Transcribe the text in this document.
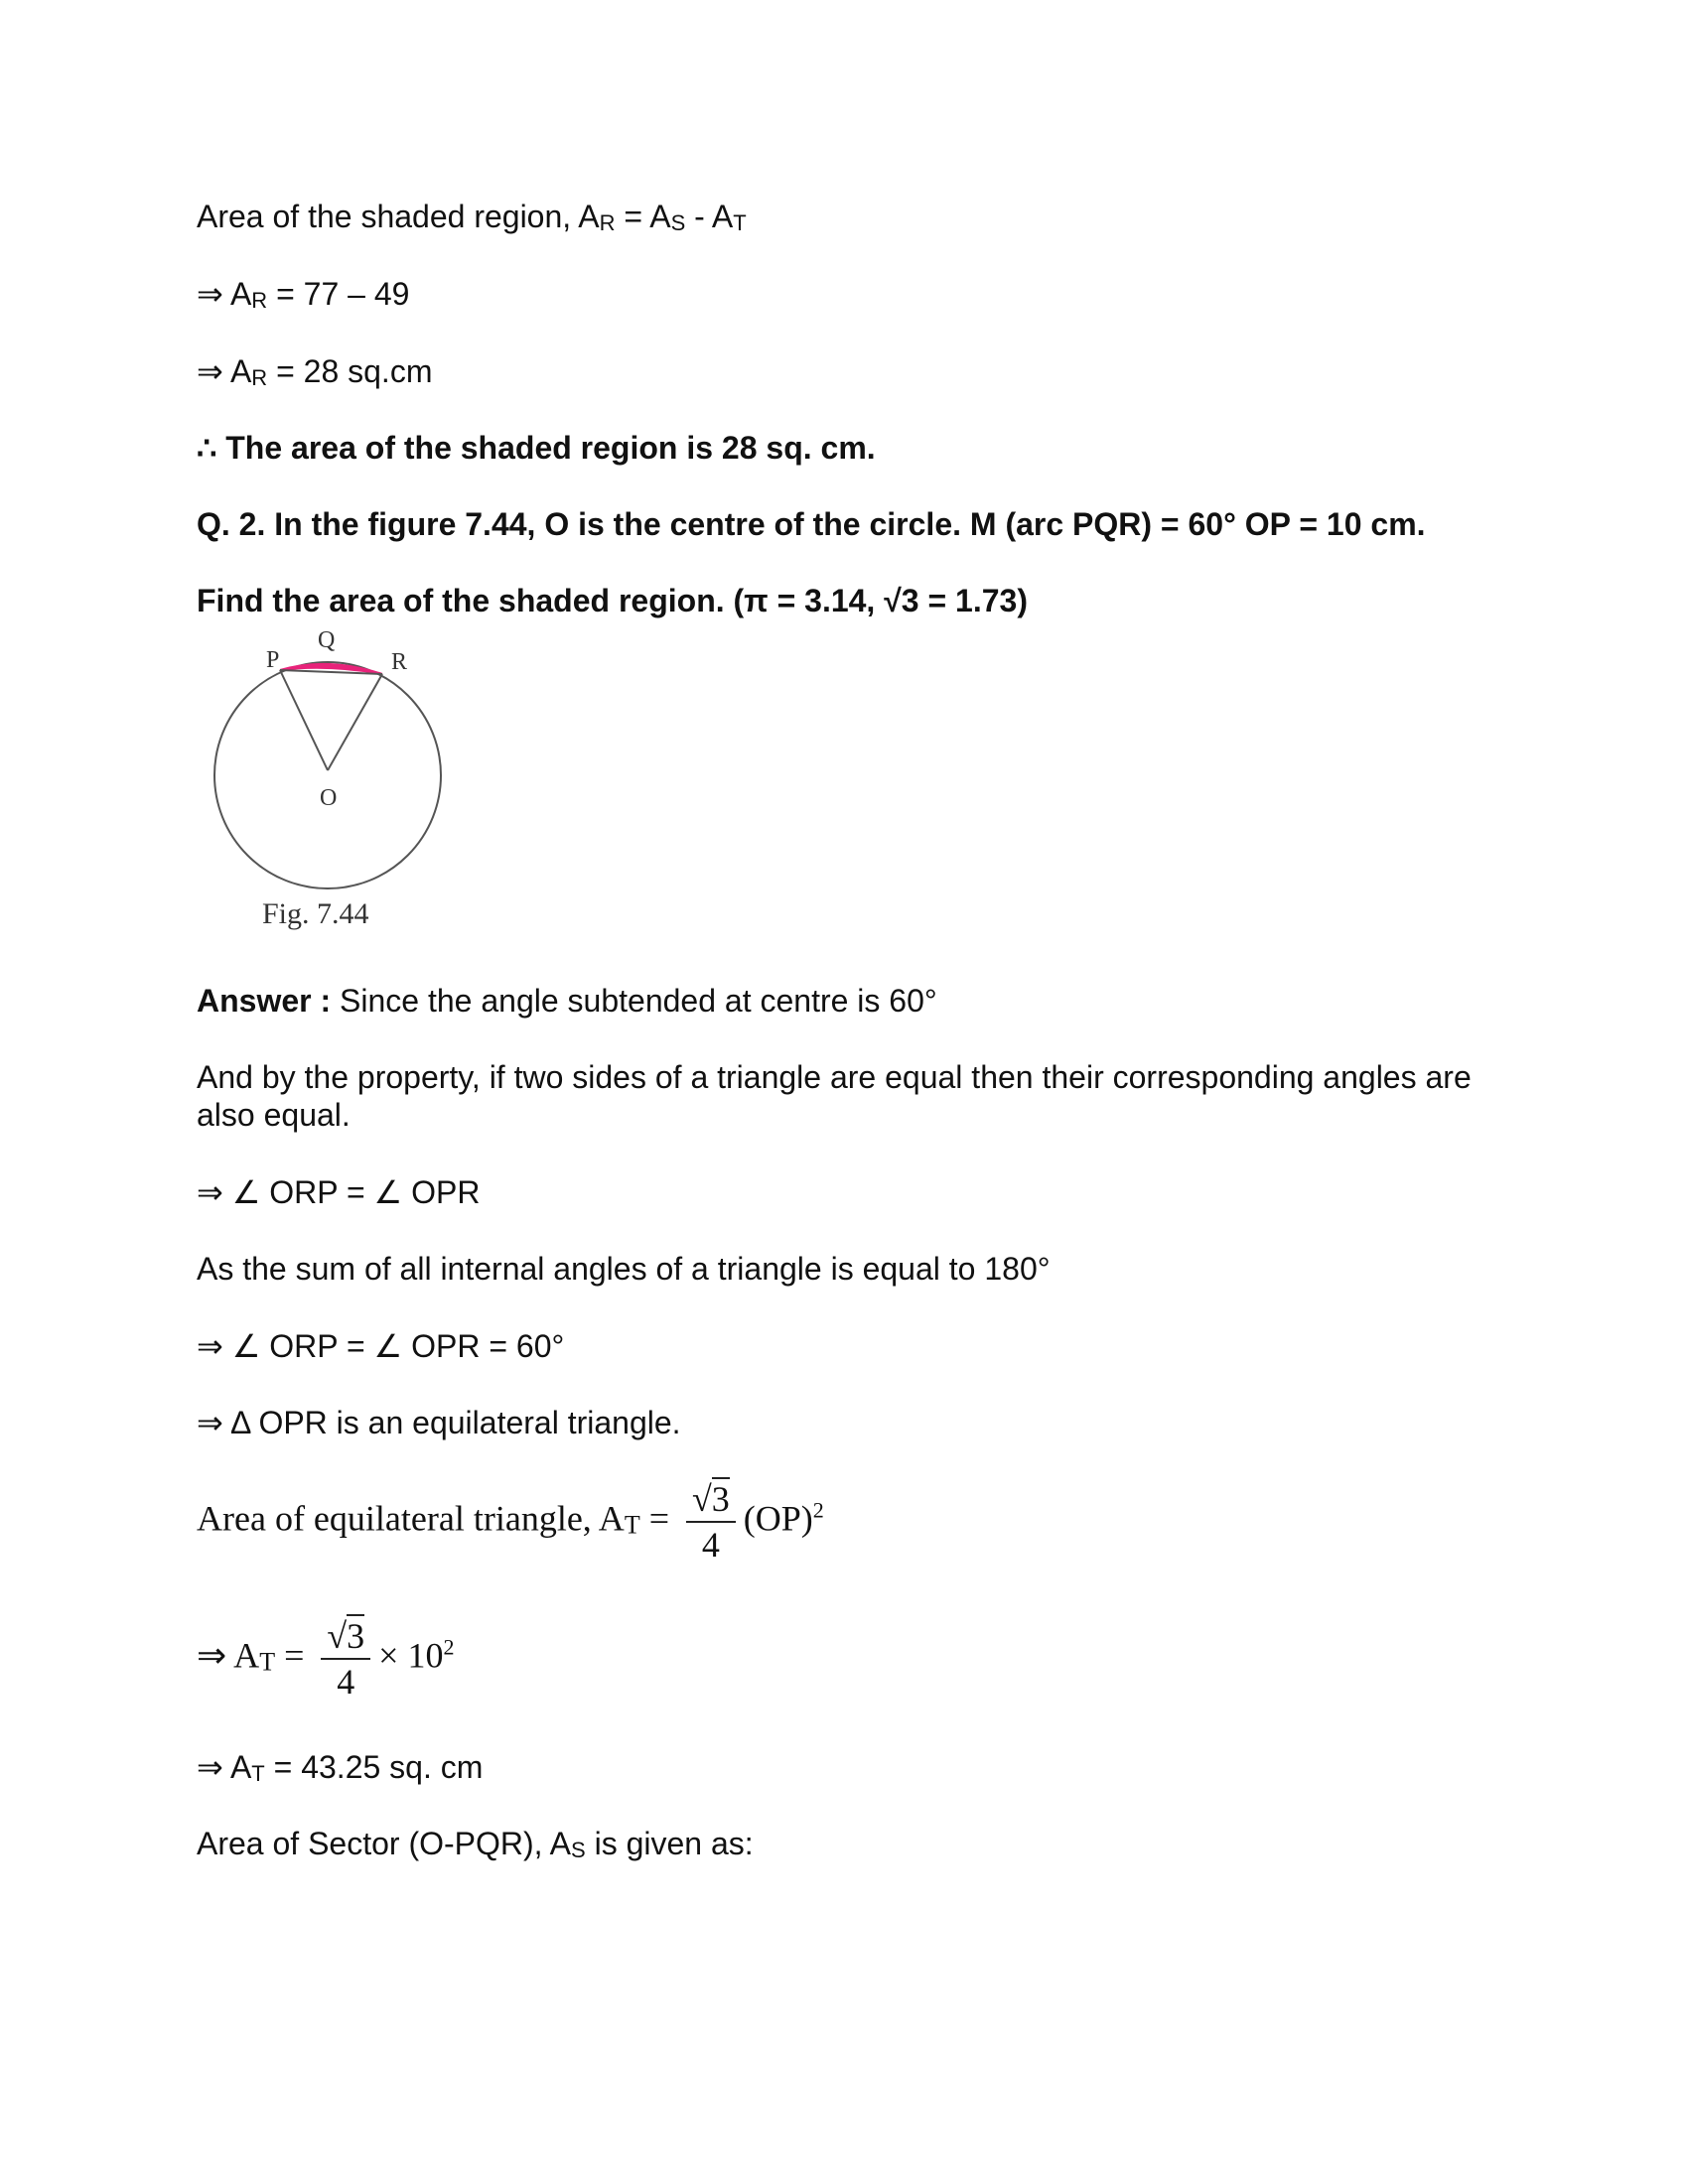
Area of the shaded region, AR = AS - AT
⇒ AR = 77 – 49
⇒ AR = 28 sq.cm
∴ The area of the shaded region is 28 sq. cm.
Q. 2. In the figure 7.44, O is the centre of the circle. M (arc PQR) = 60° OP = 10 cm.
Find the area of the shaded region. (π = 3.14, √3 = 1.73)
P
Q
R
O
Fig. 7.44
Answer : Since the angle subtended at centre is 60°
And by the property, if two sides of a triangle are equal then their corresponding angles are also equal.
⇒ ∠ ORP = ∠ OPR
As the sum of all internal angles of a triangle is equal to 180°
⇒ ∠ ORP = ∠ OPR = 60°
⇒ Δ OPR is an equilateral triangle.
Area of equilateral triangle, AT = $\frac{√3}{4} (OP)^2$
⇒ AT = $\frac{√3}{4} \times 10^2$
⇒ AT = 43.25 sq. cm
Area of Sector (O-PQR), AS is given as:
